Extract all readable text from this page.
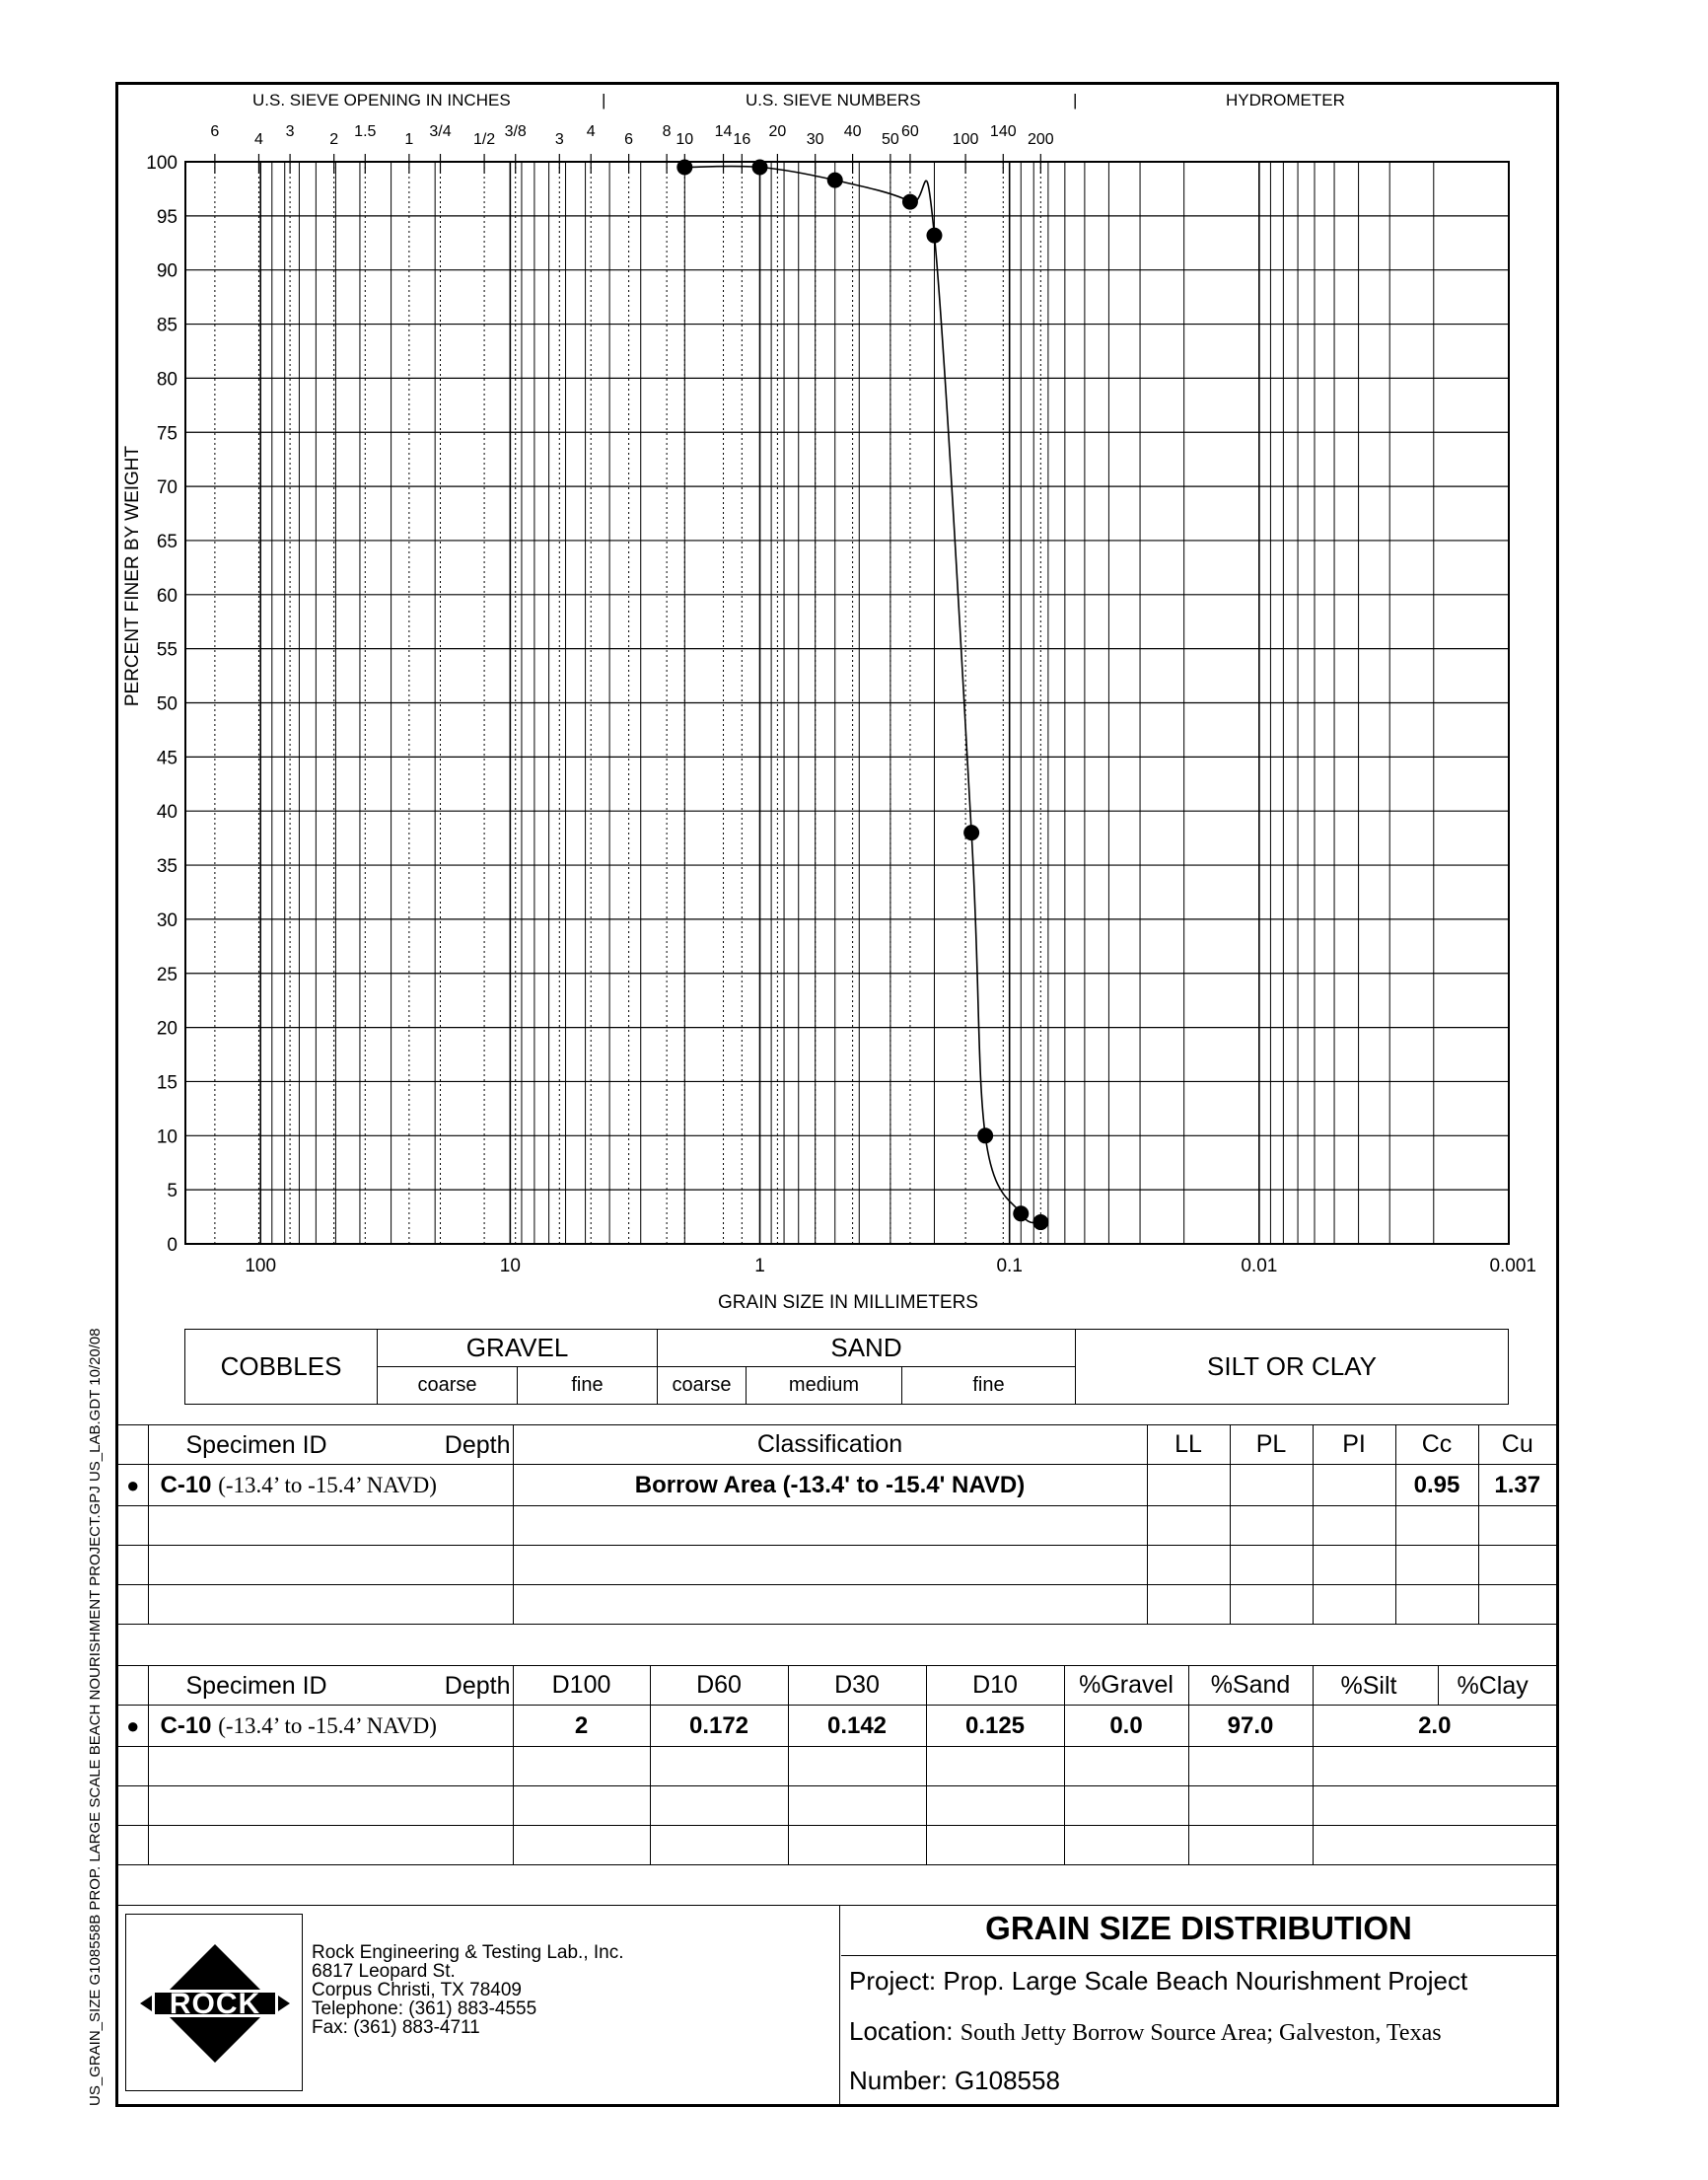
US_GRAIN_SIZE G108558B PROP. LARGE SCALE BEACH NOURISHMENT PROJECT.GPJ US_LAB.GDT 10/20/08
U.S. SIEVE OPENING IN INCHES	|	U.S. SIEVE NUMBERS	|	HYDROMETER
0
5
10
15
20
25
30
35
40
45
50
55
60
65
70
75
80
85
90
95
100
100	10	1	0.1	0.01	0.001
6 4 3 2 1.5 1 3/4 1/2 3/8 3 4 6 8 10 14 16 20 30 40 50 60 100 140 200
PERCENT FINER BY WEIGHT
GRAIN SIZE IN MILLIMETERS
COBBLES	GRAVEL		SAND			SILT OR CLAY
	coarse	fine	coarse	medium	fine	

	Specimen ID Depth	Classification	LL	PL	PI	Cc	Cu
●	C-10 (-13.4’ to -15.4’ NAVD)	Borrow Area (-13.4' to -15.4' NAVD)				0.95	1.37

	Specimen ID Depth	D100	D60	D30	D10	%Gravel	%Sand	%Silt %Clay

●	C-10 (-13.4’ to -15.4’ NAVD)	2	0.172	0.142	0.125	0.0	97.0	2.0

ROCK
Rock Engineering & Testing Lab., Inc.
6817 Leopard St.
Corpus Christi, TX 78409
Telephone: (361) 883-4555
Fax: (361) 883-4711
GRAIN SIZE DISTRIBUTION
Project: Prop. Large Scale Beach Nourishment Project
Location: South Jetty Borrow Source Area; Galveston, Texas
Number: G108558
